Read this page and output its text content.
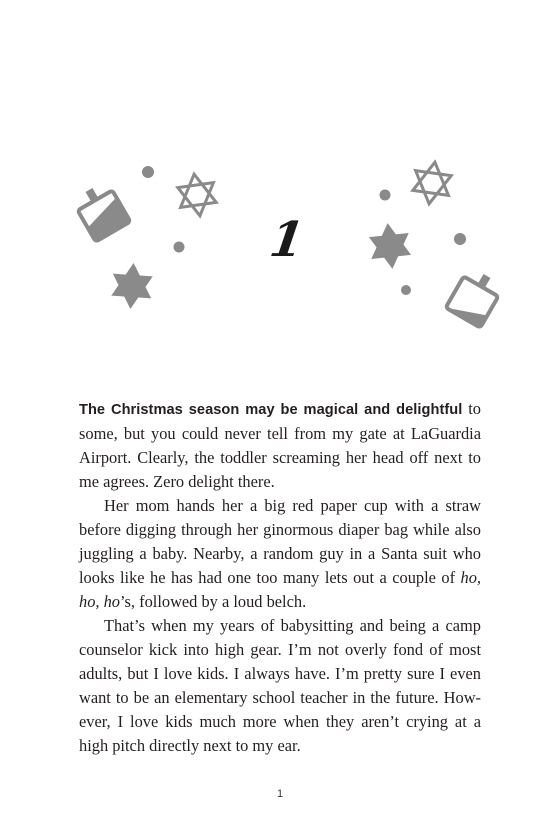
1

The Christmas season may be magical and delightful to some, but you could never tell from my gate at LaGuardia Airport. Clearly, the toddler screaming her head off next to me agrees. Zero delight there.

Her mom hands her a big red paper cup with a straw before digging through her ginormous diaper bag while also juggling a baby. Nearby, a random guy in a Santa suit who looks like he has had one too many lets out a couple of ho, ho, ho’s, followed by a loud belch.

That’s when my years of babysitting and being a camp counselor kick into high gear. I’m not overly fond of most adults, but I love kids. I always have. I’m pretty sure I even want to be an elementary school teacher in the future. However, I love kids much more when they aren’t crying at a high pitch directly next to my ear.

1
